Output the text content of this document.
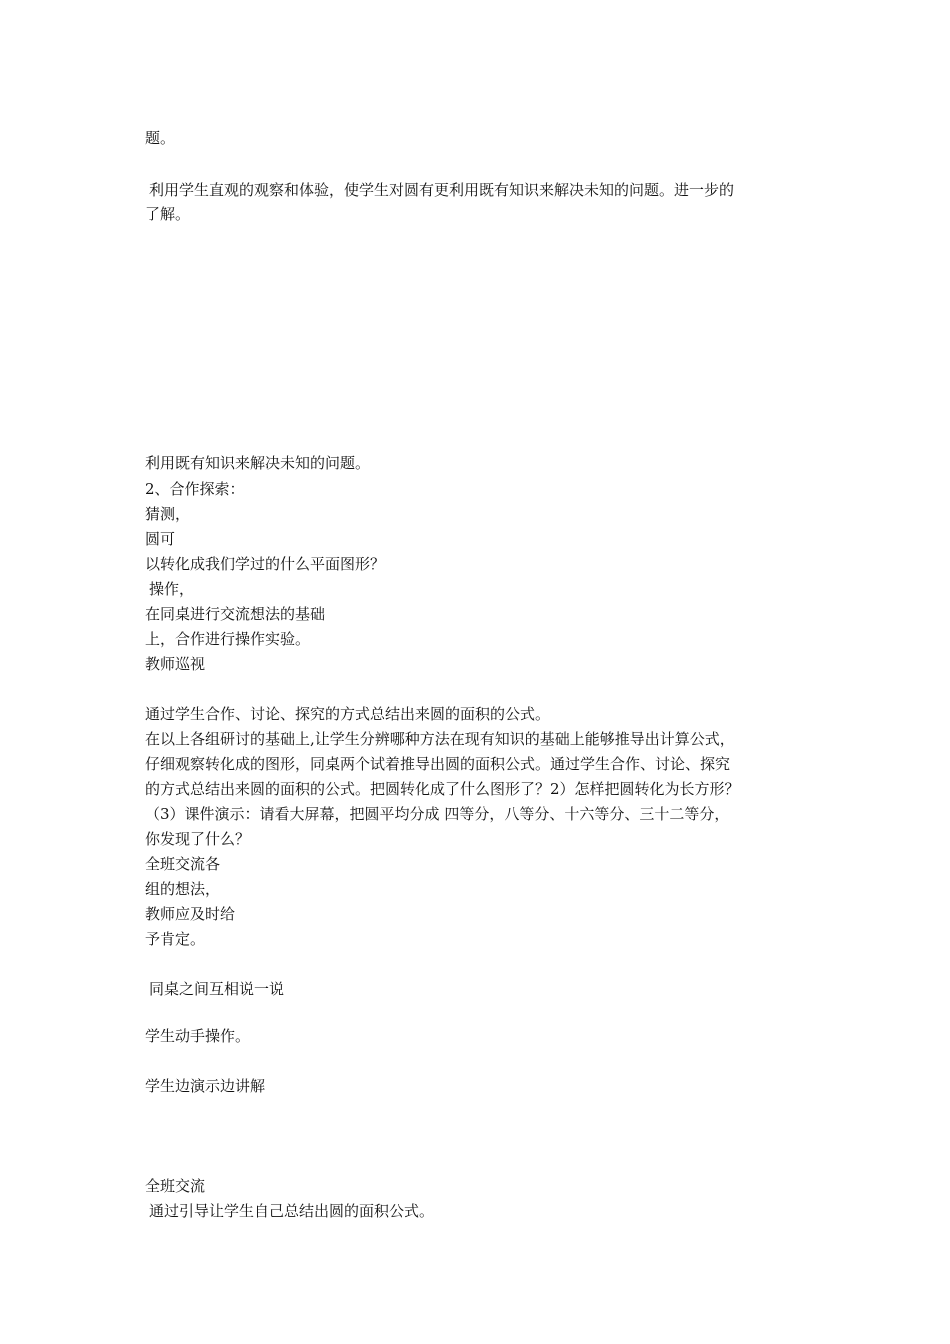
题。
利用学生直观的观察和体验，使学生对圆有更利用既有知识来解决未知的问题。进一步的
了解。
利用既有知识来解决未知的问题。
2、合作探索：
猜测，
圆可
以转化成我们学过的什么平面图形？
操作，
在同桌进行交流想法的基础
上，合作进行操作实验。
教师巡视
通过学生合作、讨论、探究的方式总结出来圆的面积的公式。
在以上各组研讨的基础上,让学生分辨哪种方法在现有知识的基础上能够推导出计算公式，
仔细观察转化成的图形，同桌两个试着推导出圆的面积公式。通过学生合作、讨论、探究
的方式总结出来圆的面积的公式。把圆转化成了什么图形了？2）怎样把圆转化为长方形？
（3）课件演示：请看大屏幕，把圆平均分成 四等分，八等分、十六等分、三十二等分，
你发现了什么？
全班交流各
组的想法，
教师应及时给
予肯定。
同桌之间互相说一说
学生动手操作。
学生边演示边讲解
全班交流
通过引导让学生自己总结出圆的面积公式。
